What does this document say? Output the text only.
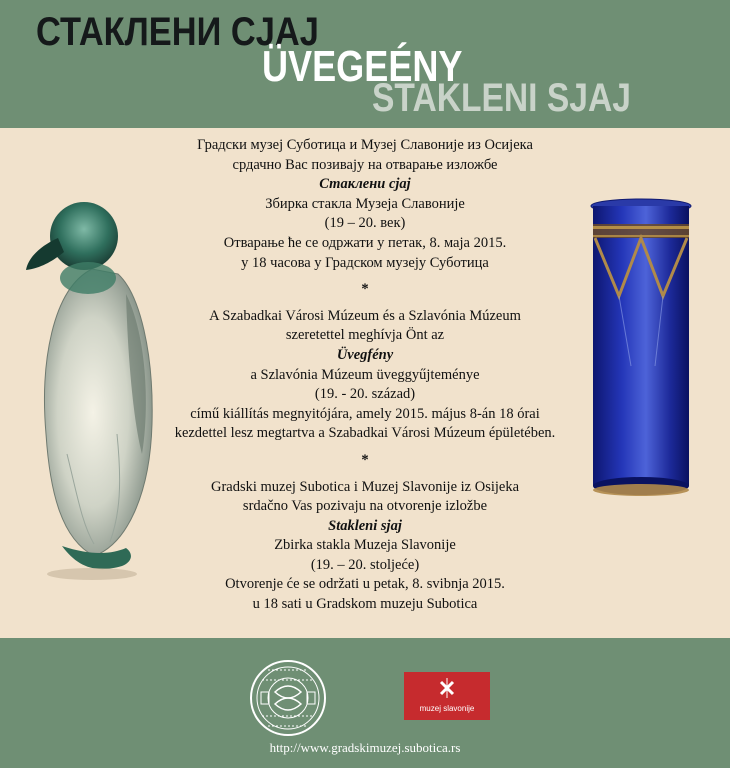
СТАКЛЕНИ СЈАЈ
ÜVEGEÉNY
STAKLENI SJAJ
Градски музеј Суботица и Музеј Славоније из Осијека
срдачно Вас позивају на отварање изложбе
Стаклени сјај
Збирка стакла Музеја Славоније
(19 – 20. век)
Отварање ће се одржати у петак, 8. маја 2015.
у 18 часова у Градском музеју Суботица
*
A Szabadkai Városi Múzeum és a Szlavónia Múzeum
szeretettel meghívja Önt az
Üvegfény
a Szlavónia Múzeum üveggyűjteménye
(19. - 20. század)
című kiállítás megnyitójára, amely 2015. május 8-án 18 órai
kezdettel lesz megtartva a Szabadkai Városi Múzeum épületében.
*
Gradski muzej Subotica i Muzej Slavonije iz Osijeka
srdačno Vas pozivaju na otvorenje izložbe
Stakleni sjaj
Zbirka stakla Muzeja Slavonije
(19. – 20. stoljeće)
Otvorenje će se održati u petak, 8. svibnja 2015.
u 18 sati u Gradskom muzeju Subotica
muzej slavonije
http://www.gradskimuzej.subotica.rs
